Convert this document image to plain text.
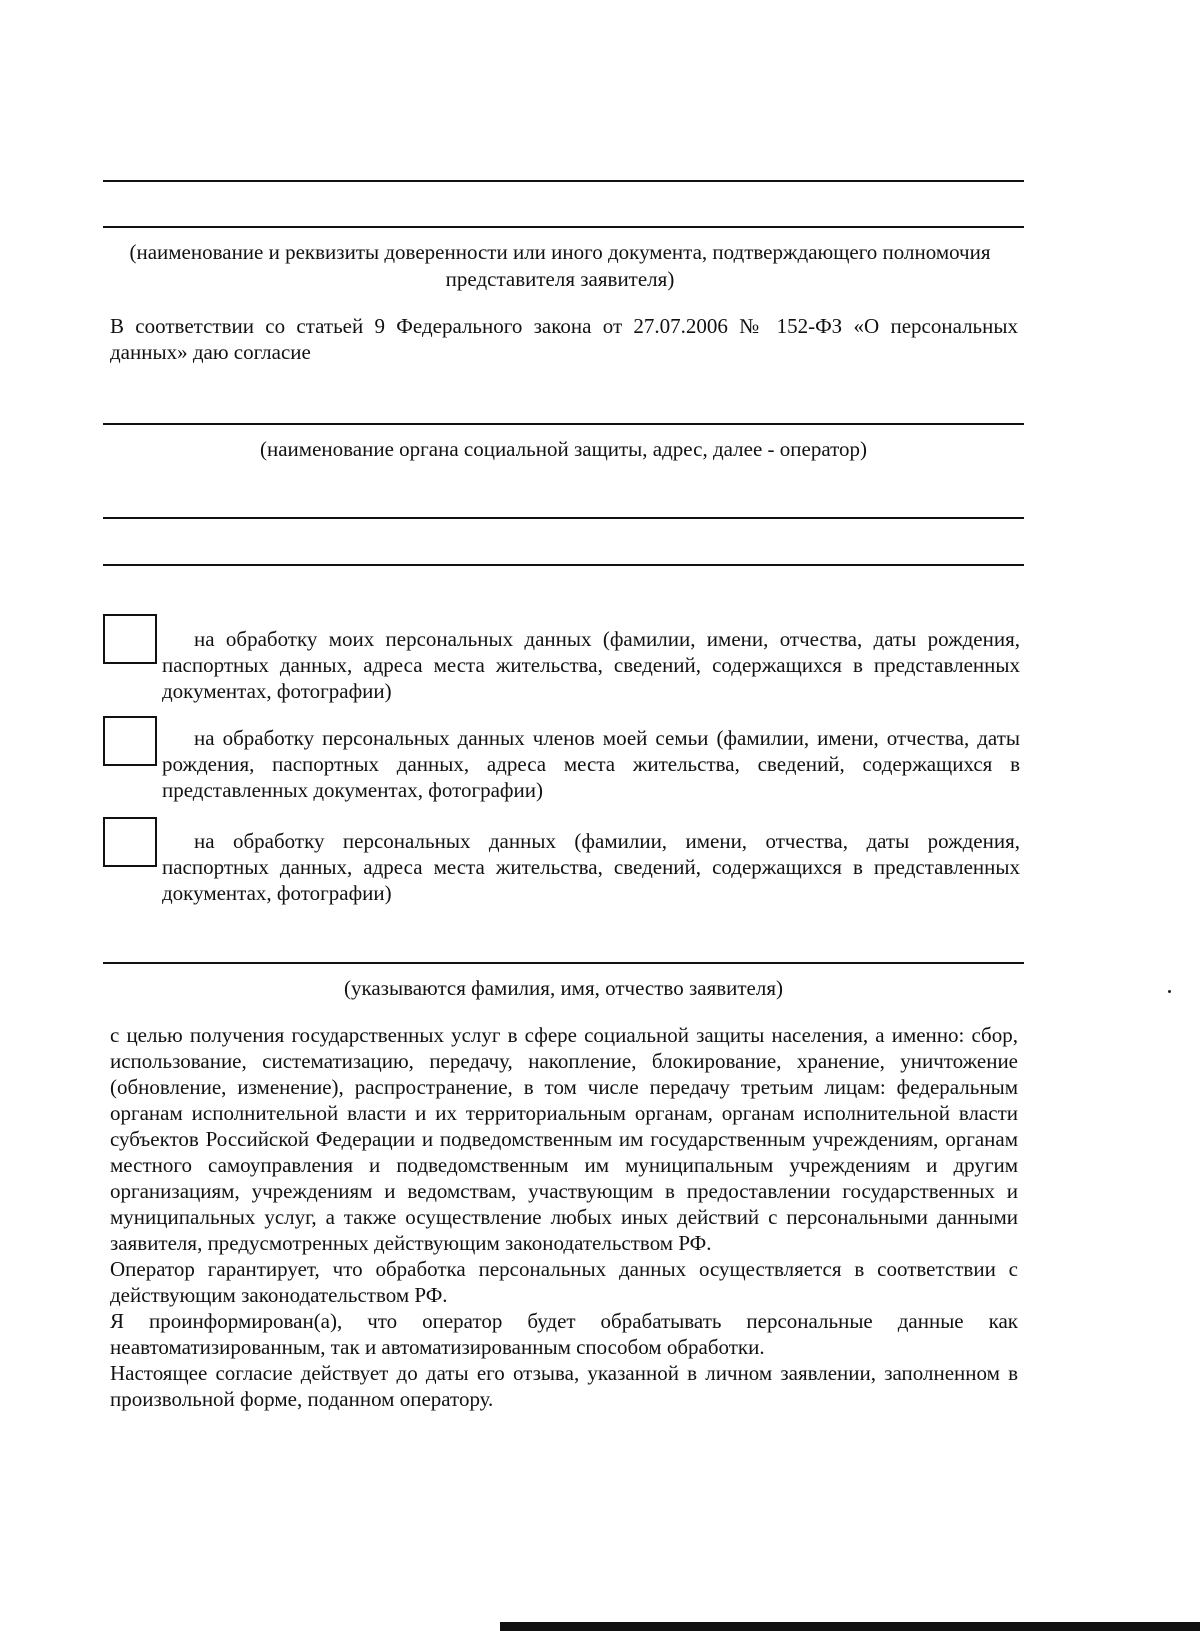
(наименование и реквизиты доверенности или иного документа, подтверждающего полномочия представителя заявителя)
В соответствии со статьей 9 Федерального закона от 27.07.2006 № 152-ФЗ «О персональных данных» даю согласие
(наименование органа социальной защиты, адрес, далее - оператор)
на обработку моих персональных данных (фамилии, имени, отчества, даты рождения, паспортных данных, адреса места жительства, сведений, содержащихся в представленных документах, фотографии)
на обработку персональных данных членов моей семьи (фамилии, имени, отчества, даты рождения, паспортных данных, адреса места жительства, сведений, содержащихся в представленных документах, фотографии)
на обработку персональных данных (фамилии, имени, отчества, даты рождения, паспортных данных, адреса места жительства, сведений, содержащихся в представленных документах, фотографии)
(указываются фамилия, имя, отчество заявителя)

с целью получения государственных услуг в сфере социальной защиты населения, а именно: сбор, использование, систематизацию, передачу, накопление, блокирование, хранение, уничтожение (обновление, изменение), распространение, в том числе передачу третьим лицам: федеральным органам исполнительной власти и их территориальным органам, органам исполнительной власти субъектов Российской Федерации и подведомственным им государственным учреждениям, органам местного самоуправления и подведомственным им муниципальным учреждениям и другим организациям, учреждениям и ведомствам, участвующим в предоставлении государственных и муниципальных услуг, а также осуществление любых иных действий с персональными данными заявителя, предусмотренных действующим законодательством РФ.

Оператор гарантирует, что обработка персональных данных осуществляется в соответствии с действующим законодательством РФ.

Я проинформирован(а), что оператор будет обрабатывать персональные данные как неавтоматизированным, так и автоматизированным способом обработки.

Настоящее согласие действует до даты его отзыва, указанной в личном заявлении, заполненном в произвольной форме, поданном оператору.
